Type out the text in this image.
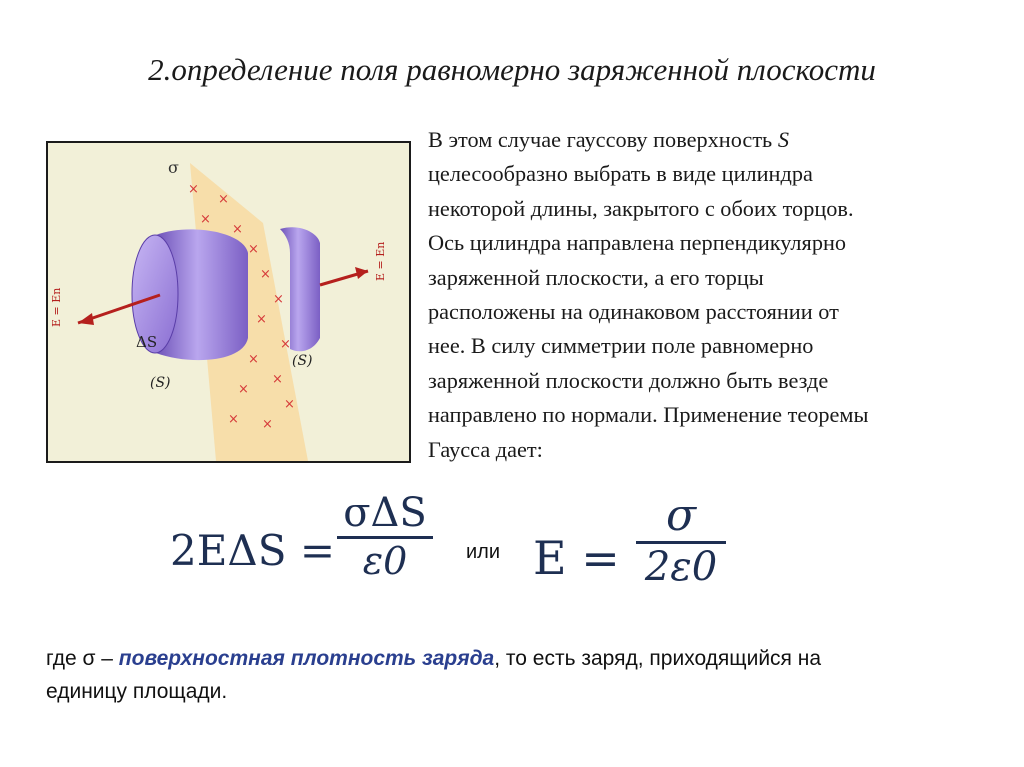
2.определение поля равномерно заряженной плоскости
σ
×
×
×
×
×
×
×
×
×
×
×
×
×
×
×
E = En
E = En
ΔS
(S)
(S)
В этом случае гауссову поверхность S
целесообразно выбрать в виде цилиндра
некоторой длины, закрытого с обоих торцов.
Ось цилиндра направлена перпендикулярно
заряженной плоскости, а его торцы
расположены на одинаковом расстоянии от
нее. В силу симметрии поле равномерно
заряженной плоскости должно быть везде
направлено по нормали. Применение теоремы
Гаусса дает:
2EΔS =
σΔS
ε0	или E =
σ
2ε0
где σ – поверхностная плотность заряда, то есть заряд, приходящийся на
единицу площади.
